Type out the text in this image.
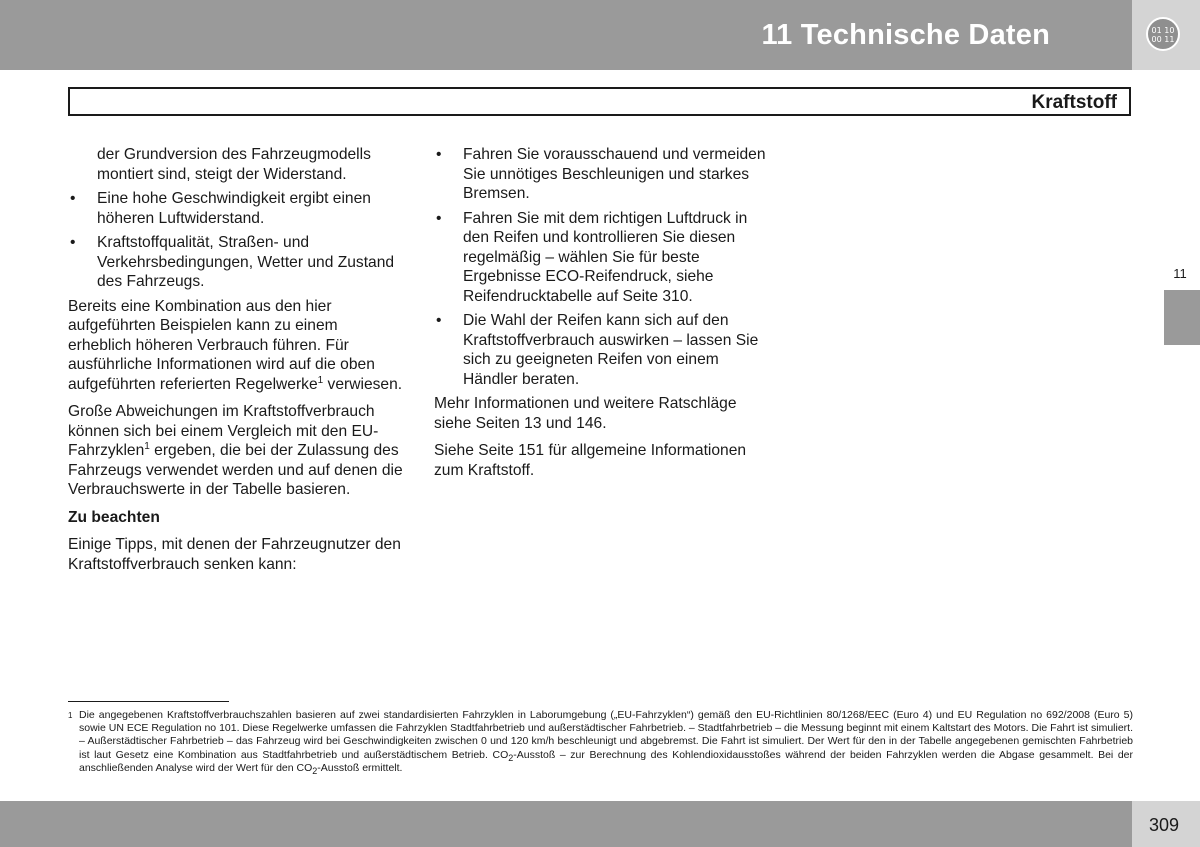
11 Technische Daten	01 10 00 11
Kraftstoff
11
der Grundversion des Fahrzeugmodells montiert sind, steigt der Widerstand.
• Eine hohe Geschwindigkeit ergibt einen höheren Luftwiderstand.
• Kraftstoffqualität, Straßen- und Verkehrsbedingungen, Wetter und Zustand des Fahrzeugs.

Bereits eine Kombination aus den hier aufgeführten Beispielen kann zu einem erheblich höheren Verbrauch führen. Für ausführliche Informationen wird auf die oben aufgeführten referierten Regelwerke$^1$ verwiesen.

Große Abweichungen im Kraftstoffverbrauch können sich bei einem Vergleich mit den EU-Fahrzyklen$^1$ ergeben, die bei der Zulassung des Fahrzeugs verwendet werden und auf denen die Verbrauchswerte in der Tabelle basieren.

Zu beachten

Einige Tipps, mit denen der Fahrzeugnutzer den Kraftstoffverbrauch senken kann:

• Fahren Sie vorausschauend und vermeiden Sie unnötiges Beschleunigen und starkes Bremsen.
• Fahren Sie mit dem richtigen Luftdruck in den Reifen und kontrollieren Sie diesen regelmäßig – wählen Sie für beste Ergebnisse ECO-Reifendruck, siehe Reifendrucktabelle auf Seite 310.
• Die Wahl der Reifen kann sich auf den Kraftstoffverbrauch auswirken – lassen Sie sich zu geeigneten Reifen von einem Händler beraten.

Mehr Informationen und weitere Ratschläge siehe Seiten 13 und 146.

Siehe Seite 151 für allgemeine Informationen zum Kraftstoff.

1 Die angegebenen Kraftstoffverbrauchszahlen basieren auf zwei standardisierten Fahrzyklen in Laborumgebung („EU-Fahrzyklen“) gemäß den EU-Richtlinien 80/1268/EEC (Euro 4) und EU Regulation no 692/2008 (Euro 5) sowie UN ECE Regulation no 101. Diese Regelwerke umfassen die Fahrzyklen Stadtfahrbetrieb und außerstädtischer Fahrbetrieb. – Stadtfahrbetrieb – die Messung beginnt mit einem Kaltstart des Motors. Die Fahrt ist simuliert. – Außerstädtischer Fahrbetrieb – das Fahrzeug wird bei Geschwindigkeiten zwischen 0 und 120 km/h beschleunigt und abgebremst. Die Fahrt ist simuliert. Der Wert für den in der Tabelle angegebenen gemischten Fahrbetrieb ist laut Gesetz eine Kombination aus Stadtfahrbetrieb und außerstädtischem Betrieb. $CO_2$-Ausstoß – zur Berechnung des Kohlendioxidausstoßes während der beiden Fahrzyklen werden die Abgase gesammelt. Bei der anschließenden Analyse wird der Wert für den $CO_2$-Ausstoß ermittelt.
309
